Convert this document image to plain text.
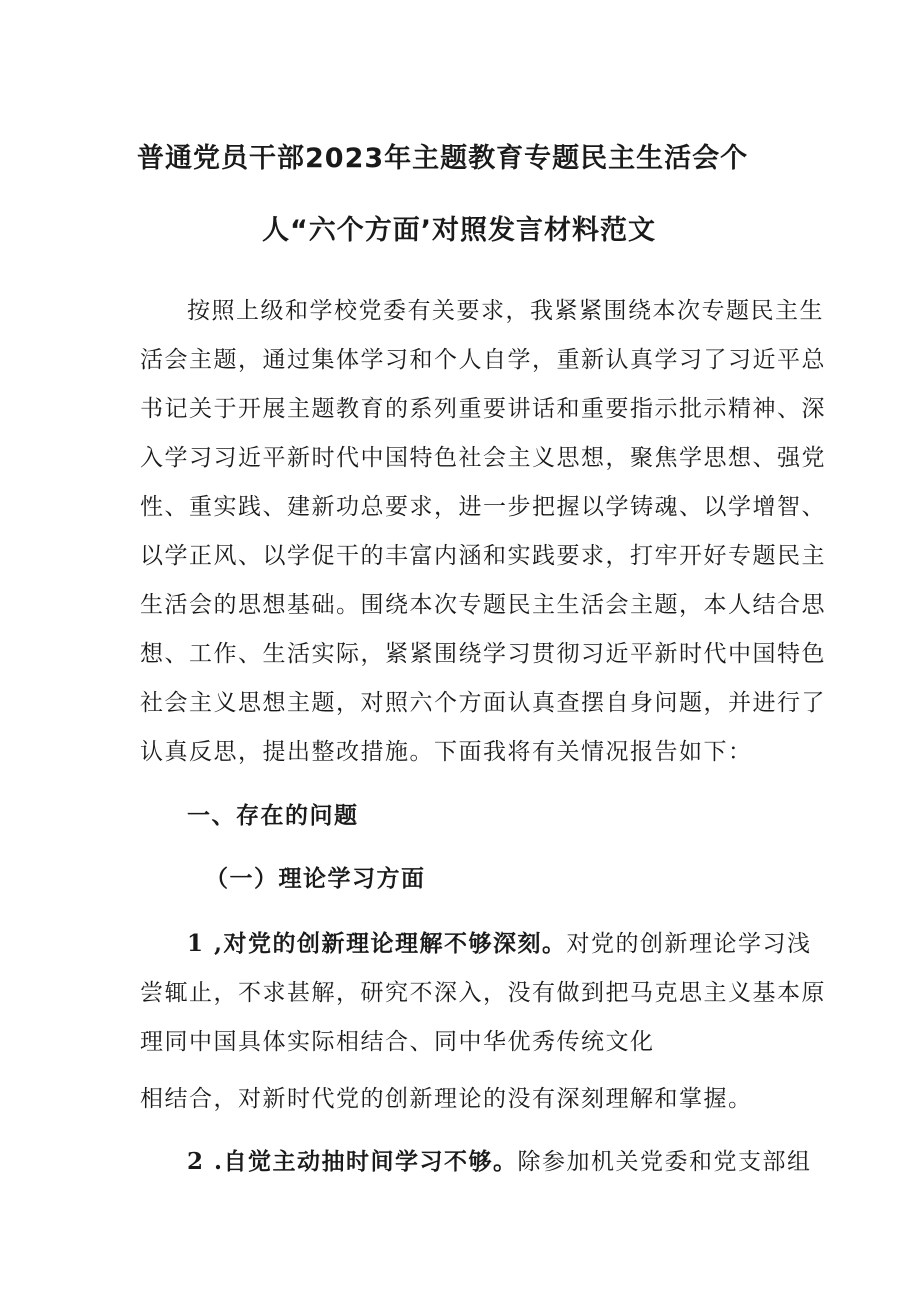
普通党员干部2023年主题教育专题民主生活会个
人“六个方面’对照发言材料范文
按照上级和学校党委有关要求，我紧紧围绕本次专题民主生
活会主题，通过集体学习和个人自学，重新认真学习了习近平总
书记关于开展主题教育的系列重要讲话和重要指示批示精神、深
入学习习近平新时代中国特色社会主义思想，聚焦学思想、强党
性、重实践、建新功总要求，进一步把握以学铸魂、以学增智、
以学正风、以学促干的丰富内涵和实践要求，打牢开好专题民主
生活会的思想基础。围绕本次专题民主生活会主题，本人结合思
想、工作、生活实际，紧紧围绕学习贯彻习近平新时代中国特色
社会主义思想主题，对照六个方面认真查摆自身问题，并进行了
认真反思，提出整改措施。下面我将有关情况报告如下：
一、存在的问题
（一）理论学习方面
1 ,对党的创新理论理解不够深刻。对党的创新理论学习浅
尝辄止，不求甚解，研究不深入，没有做到把马克思主义基本原
理同中国具体实际相结合、同中华优秀传统文化
相结合，对新时代党的创新理论的没有深刻理解和掌握。
2 .自觉主动抽时间学习不够。除参加机关党委和党支部组
